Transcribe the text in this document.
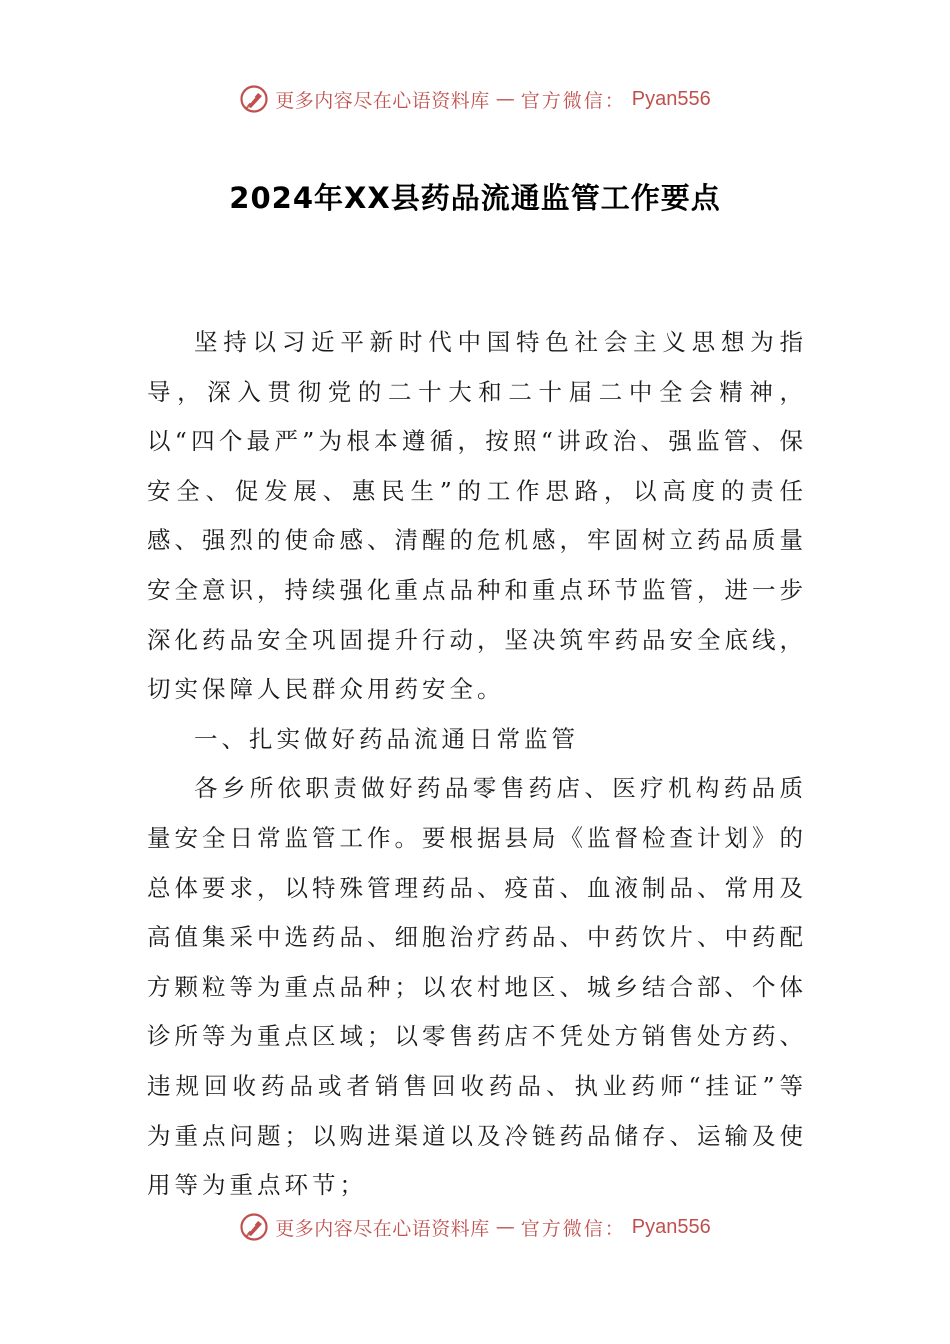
更多内容尽在心语资料库 — 官方微信： Pyan556
2024年XX县药品流通监管工作要点

坚持以习近平新时代中国特色社会主义思想为指导，深入贯彻党的二十大和二十届二中全会精神，以“四个最严”为根本遵循，按照“讲政治、强监管、保安全、促发展、惠民生”的工作思路，以高度的责任感、强烈的使命感、清醒的危机感，牢固树立药品质量安全意识，持续强化重点品种和重点环节监管，进一步深化药品安全巩固提升行动，坚决筑牢药品安全底线，切实保障人民群众用药安全。

一、扎实做好药品流通日常监管

各乡所依职责做好药品零售药店、医疗机构药品质量安全日常监管工作。要根据县局《监督检查计划》的总体要求，以特殊管理药品、疫苗、血液制品、常用及高值集采中选药品、细胞治疗药品、中药饮片、中药配方颗粒等为重点品种；以农村地区、城乡结合部、个体诊所等为重点区域；以零售药店不凭处方销售处方药、违规回收药品或者销售回收药品、执业药师“挂证”等为重点问题；以购进渠道以及冷链药品储存、运输及使用等为重点环节；

更多内容尽在心语资料库 — 官方微信： Pyan556
